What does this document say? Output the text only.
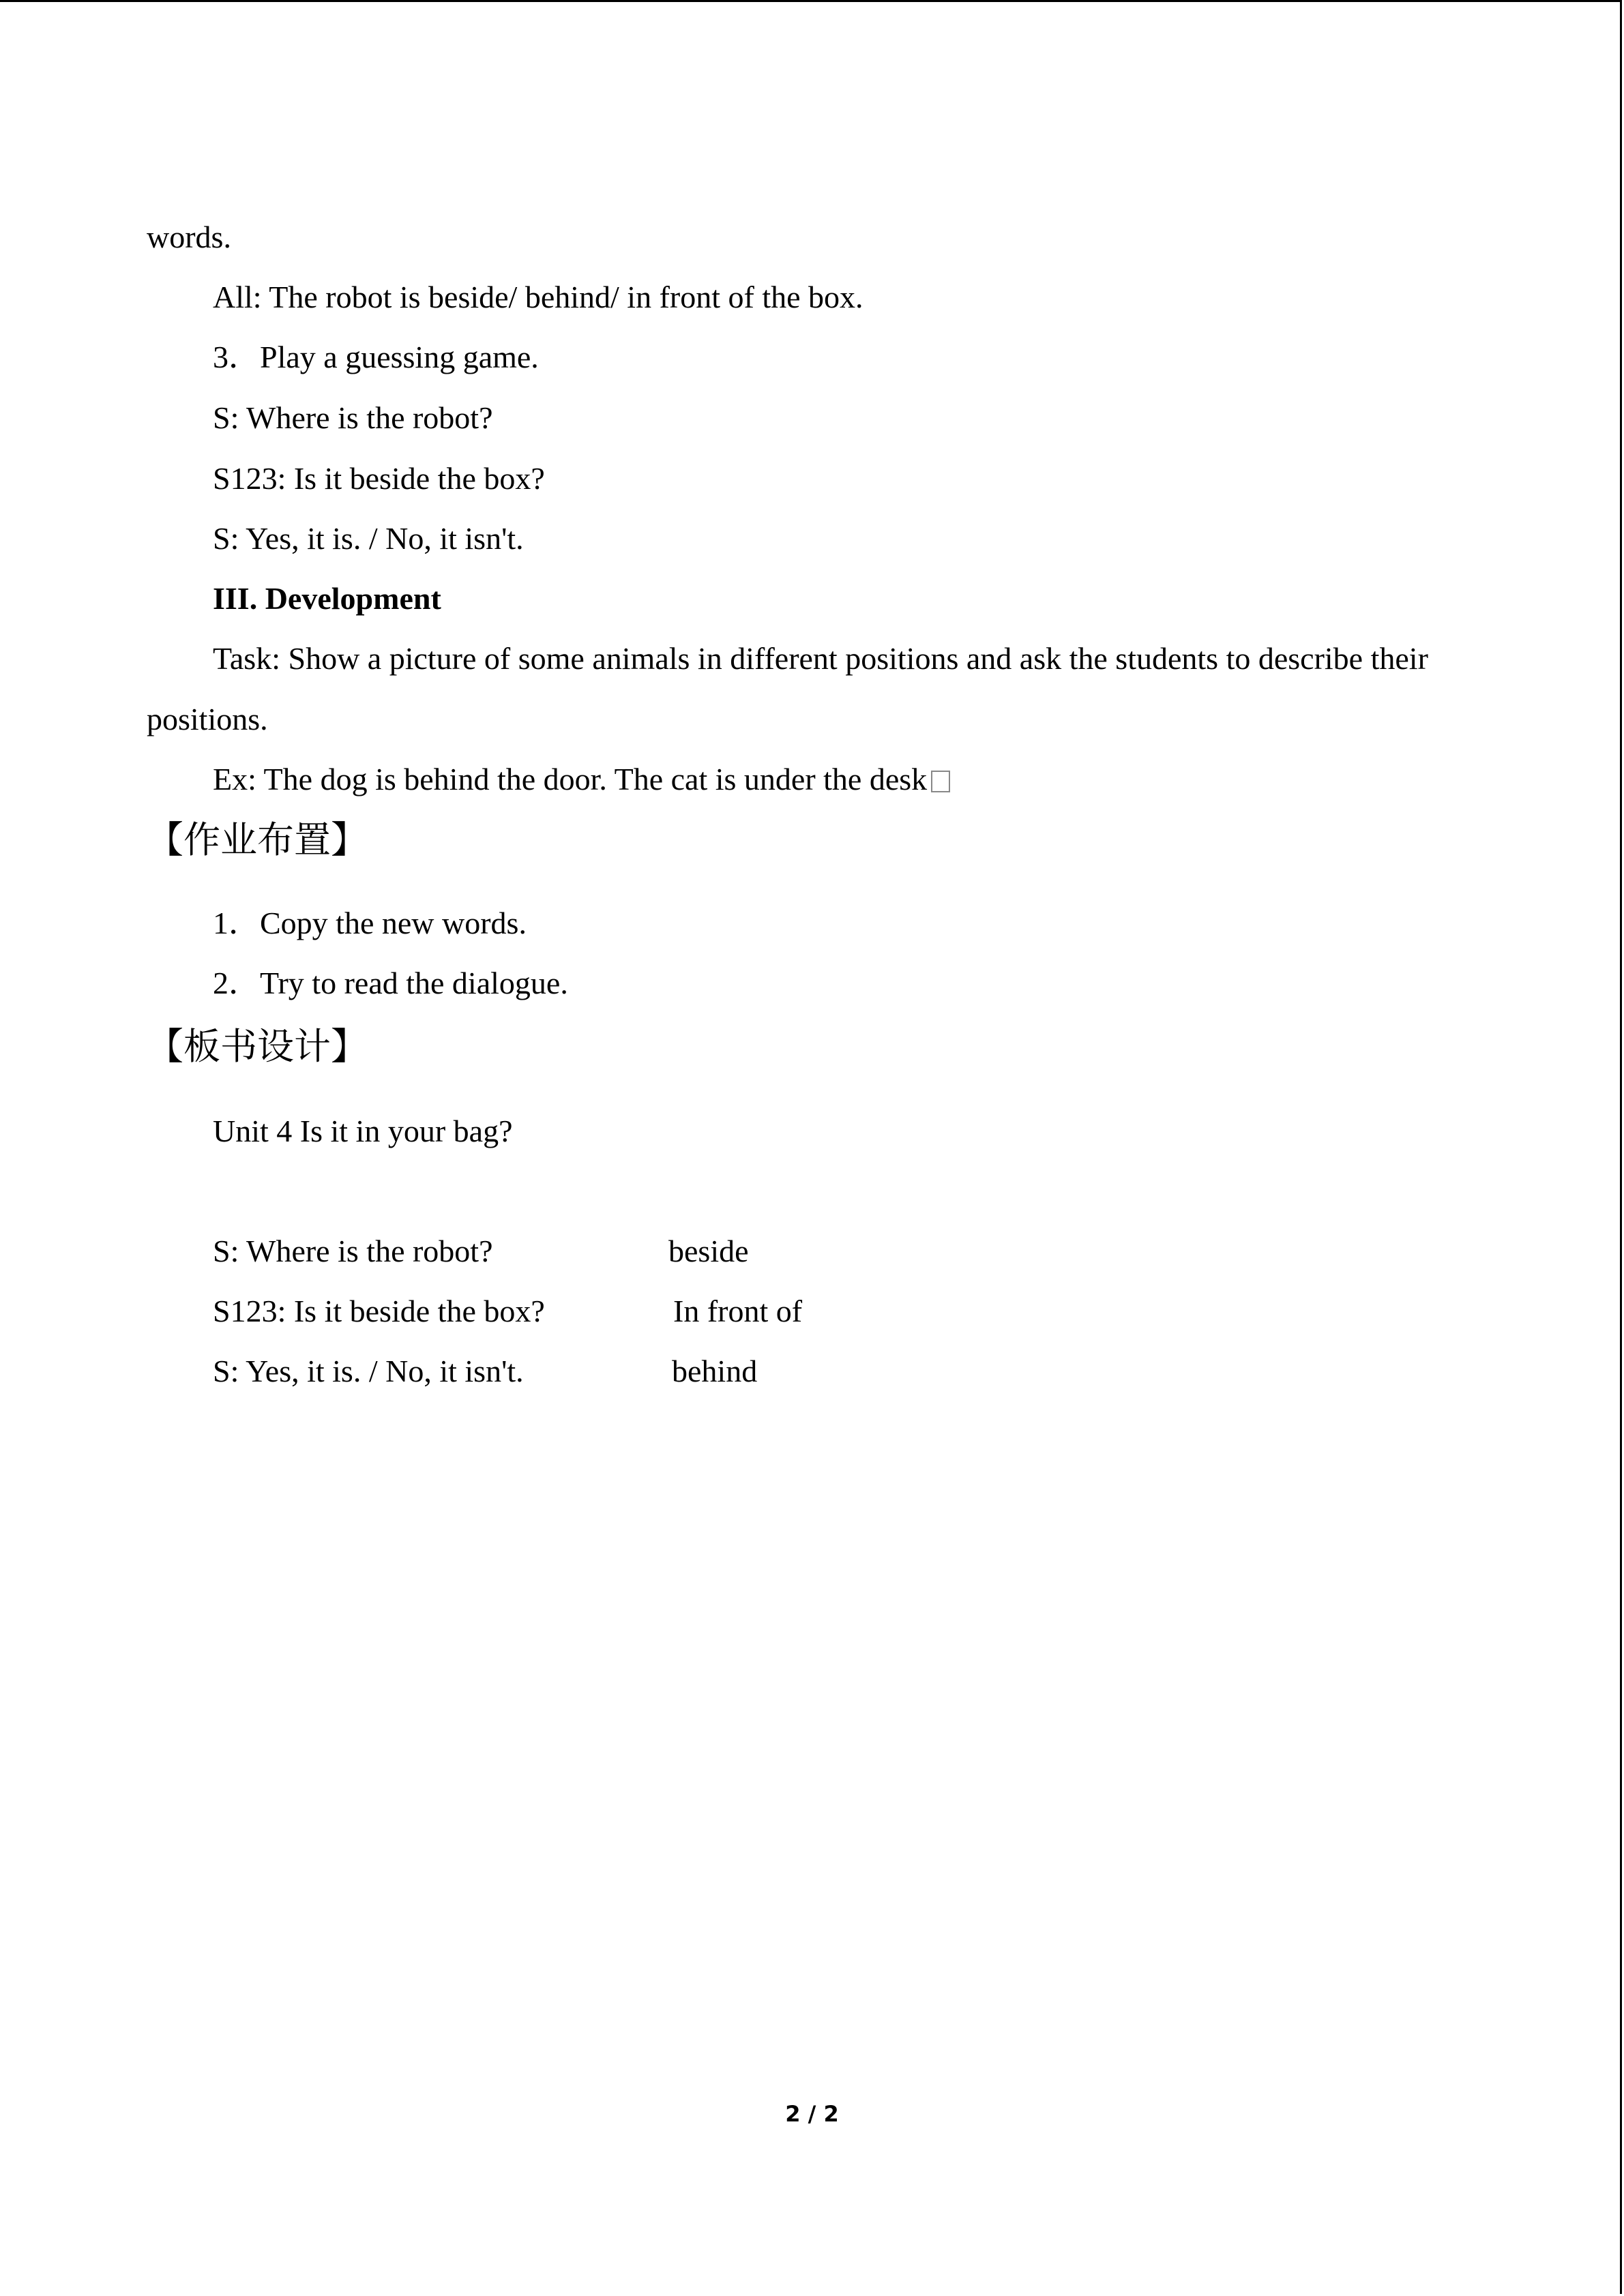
words.
All: The robot is beside/ behind/ in front of the box.
3．Play a guessing game.
S: Where is the robot?
S123: Is it beside the box?
S: Yes, it is. / No, it isn't.
III. Development
Task: Show a picture of some animals in different positions and ask the students to describe their
positions.
Ex: The dog is behind the door. The cat is under the desk
【作业布置】
1．Copy the new words.
2．Try to read the dialogue.
【板书设计】
Unit 4 Is it in your bag?
S: Where is the robot?	beside
S123: Is it beside the box?	In front of
S: Yes, it is. / No, it isn't.	behind
2 / 2
